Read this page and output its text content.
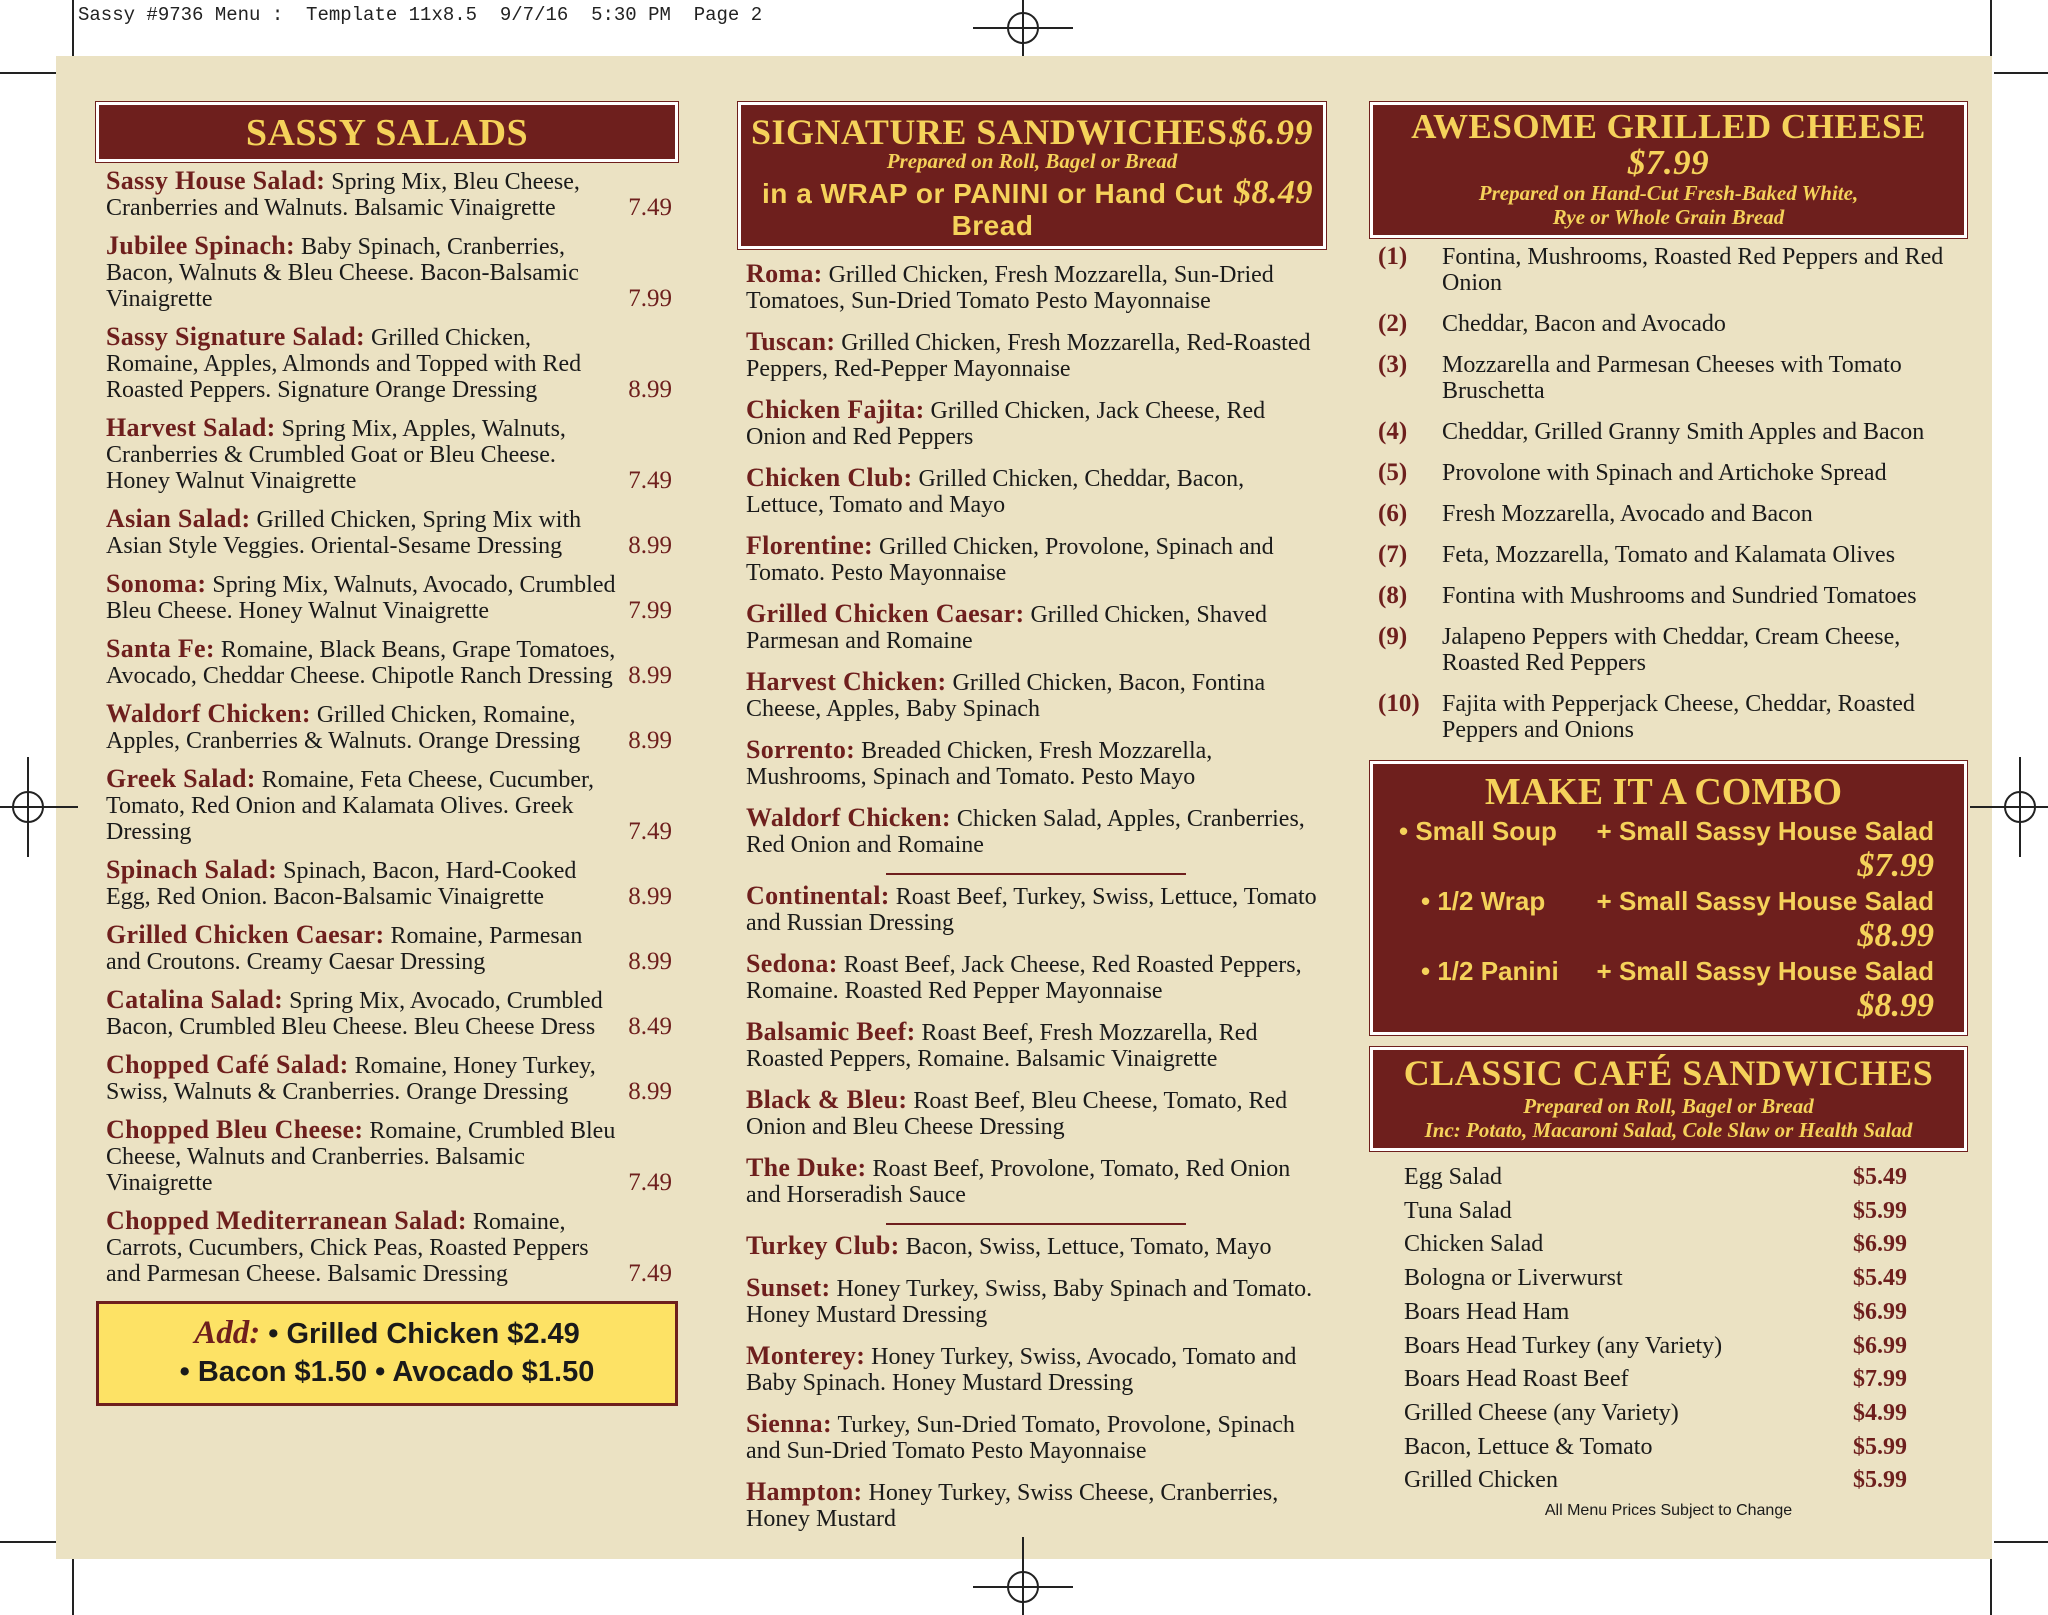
Sassy #9736 Menu :  Template 11x8.5  9/7/16  5:30 PM  Page 2
SASSY SALADS
Sassy House Salad: Spring Mix, Bleu Cheese, Cranberries and Walnuts. Balsamic Vinaigrette	7.49
Jubilee Spinach: Baby Spinach, Cranberries, Bacon, Walnuts & Bleu Cheese. Bacon-Balsamic Vinaigrette	7.99
Sassy Signature Salad: Grilled Chicken, Romaine, Apples, Almonds and Topped with Red Roasted Peppers. Signature Orange Dressing	8.99
Harvest Salad: Spring Mix, Apples, Walnuts, Cranberries & Crumbled Goat or Bleu Cheese. Honey Walnut Vinaigrette	7.49
Asian Salad: Grilled Chicken, Spring Mix with Asian Style Veggies. Oriental-Sesame Dressing	8.99
Sonoma: Spring Mix, Walnuts, Avocado, Crumbled Bleu Cheese. Honey Walnut Vinaigrette	7.99
Santa Fe: Romaine, Black Beans, Grape Tomatoes, Avocado, Cheddar Cheese. Chipotle Ranch Dressing 8.99
Waldorf Chicken: Grilled Chicken, Romaine, Apples, Cranberries & Walnuts. Orange Dressing	8.99
Greek Salad: Romaine, Feta Cheese, Cucumber, Tomato, Red Onion and Kalamata Olives. Greek Dressing	7.49
Spinach Salad: Spinach, Bacon, Hard-Cooked Egg, Red Onion. Bacon-Balsamic Vinaigrette	8.99
Grilled Chicken Caesar: Romaine, Parmesan and Croutons. Creamy Caesar Dressing	8.99
Catalina Salad: Spring Mix, Avocado, Crumbled Bacon, Crumbled Bleu Cheese. Bleu Cheese Dress	8.49
Chopped Café Salad: Romaine, Honey Turkey, Swiss, Walnuts & Cranberries. Orange Dressing	8.99
Chopped Bleu Cheese: Romaine, Crumbled Bleu Cheese, Walnuts and Cranberries. Balsamic Vinaigrette	7.49
Chopped Mediterranean Salad: Romaine, Carrots, Cucumbers, Chick Peas, Roasted Peppers and Parmesan Cheese. Balsamic Dressing	7.49
Add: • Grilled Chicken $2.49
• Bacon $1.50 • Avocado $1.50
SIGNATURE SANDWICHES $6.99
Prepared on Roll, Bagel or Bread
in a WRAP or PANINI or Hand Cut Bread
$8.49
Roma: Grilled Chicken, Fresh Mozzarella, Sun-Dried Tomatoes, Sun-Dried Tomato Pesto Mayonnaise
Tuscan: Grilled Chicken, Fresh Mozzarella, Red-Roasted Peppers, Red-Pepper Mayonnaise
Chicken Fajita: Grilled Chicken, Jack Cheese, Red Onion and Red Peppers
Chicken Club: Grilled Chicken, Cheddar, Bacon, Lettuce, Tomato and Mayo
Florentine: Grilled Chicken, Provolone, Spinach and Tomato. Pesto Mayonnaise
Grilled Chicken Caesar: Grilled Chicken, Shaved Parmesan and Romaine
Harvest Chicken: Grilled Chicken, Bacon, Fontina Cheese, Apples, Baby Spinach
Sorrento: Breaded Chicken, Fresh Mozzarella, Mushrooms, Spinach and Tomato. Pesto Mayo
Waldorf Chicken: Chicken Salad, Apples, Cranberries, Red Onion and Romaine
Continental: Roast Beef, Turkey, Swiss, Lettuce, Tomato and Russian Dressing
Sedona: Roast Beef, Jack Cheese, Red Roasted Peppers, Romaine. Roasted Red Pepper Mayonnaise
Balsamic Beef: Roast Beef, Fresh Mozzarella, Red Roasted Peppers, Romaine. Balsamic Vinaigrette
Black & Bleu: Roast Beef, Bleu Cheese, Tomato, Red Onion and Bleu Cheese Dressing
The Duke: Roast Beef, Provolone, Tomato, Red Onion and Horseradish Sauce
Turkey Club: Bacon, Swiss, Lettuce, Tomato, Mayo
Sunset: Honey Turkey, Swiss, Baby Spinach and Tomato. Honey Mustard Dressing
Monterey: Honey Turkey, Swiss, Avocado, Tomato and Baby Spinach. Honey Mustard Dressing
Sienna: Turkey, Sun-Dried Tomato, Provolone, Spinach and Sun-Dried Tomato Pesto Mayonnaise
Hampton: Honey Turkey, Swiss Cheese, Cranberries, Honey Mustard
AWESOME GRILLED CHEESE $7.99
Prepared on Hand-Cut Fresh-Baked White,
Rye or Whole Grain Bread
(1)	Fontina, Mushrooms, Roasted Red Peppers and Red Onion
(2)	Cheddar, Bacon and Avocado
(3)	Mozzarella and Parmesan Cheeses with Tomato Bruschetta
(4)	Cheddar, Grilled Granny Smith Apples and Bacon
(5)	Provolone with Spinach and Artichoke Spread
(6)	Fresh Mozzarella, Avocado and Bacon
(7)	Feta, Mozzarella, Tomato and Kalamata Olives
(8)	Fontina with Mushrooms and Sundried Tomatoes
(9)	Jalapeno Peppers with Cheddar, Cream Cheese, Roasted Red Peppers
(10) Fajita with Pepperjack Cheese, Cheddar, Roasted Peppers and Onions
MAKE IT A COMBO
• Small Soup + Small Sassy House Salad
$7.99
• 1/2 Wrap + Small Sassy House Salad
$8.99
• 1/2 Panini + Small Sassy House Salad
$8.99
CLASSIC CAFÉ SANDWICHES
Prepared on Roll, Bagel or Bread
Inc: Potato, Macaroni Salad, Cole Slaw or Health Salad
Egg Salad	$5.49
Tuna Salad	$5.99
Chicken Salad	$6.99
Bologna or Liverwurst	$5.49
Boars Head Ham	$6.99
Boars Head Turkey (any Variety)	$6.99
Boars Head Roast Beef	$7.99
Grilled Cheese (any Variety)	$4.99
Bacon, Lettuce & Tomato	$5.99
Grilled Chicken	$5.99
All Menu Prices Subject to Change
